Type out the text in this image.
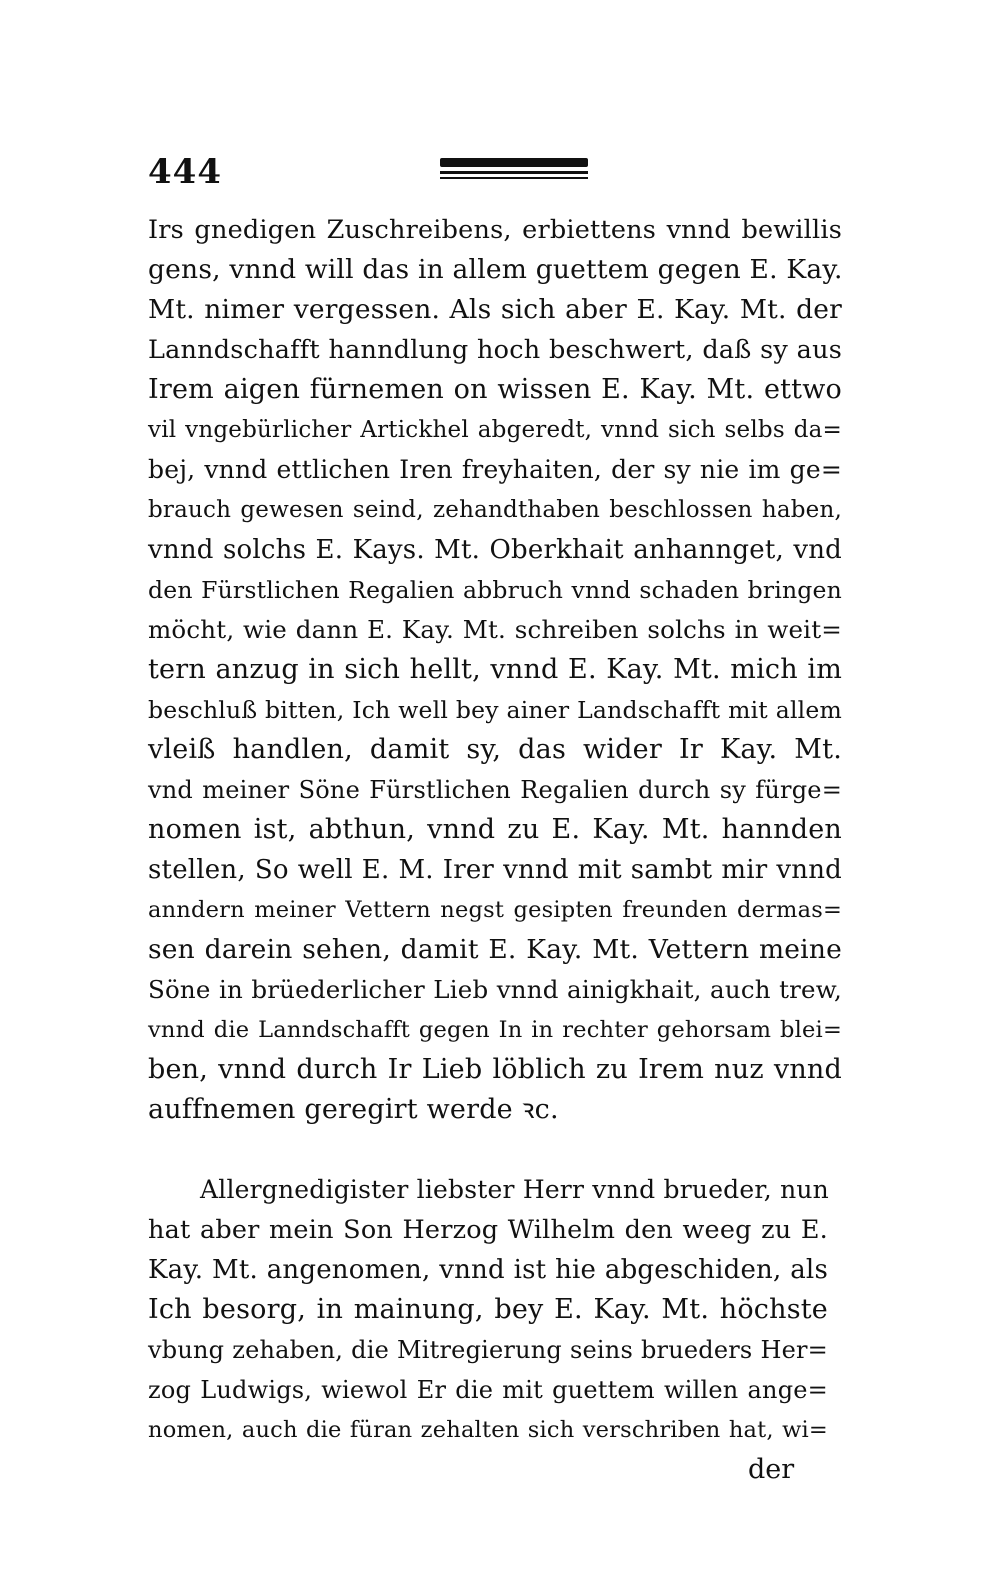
444
Irs gnedigen Zuschreibens, erbiettens vnnd bewillis
gens, vnnd will das in allem guettem gegen E. Kay.
Mt. nimer vergessen. Als sich aber E. Kay. Mt. der
Lanndschafft hanndlung hoch beschwert, daß sy aus
Irem aigen fürnemen on wissen E. Kay. Mt. ettwo
vil vngebürlicher Artickhel abgeredt, vnnd sich selbs da=
bej, vnnd ettlichen Iren freyhaiten, der sy nie im ge=
brauch gewesen seind, zehandthaben beschlossen haben,
vnnd solchs E. Kays. Mt. Oberkhait anhannget, vnd
den Fürstlichen Regalien abbruch vnnd schaden bringen
möcht, wie dann E. Kay. Mt. schreiben solchs in weit=
tern anzug in sich hellt, vnnd E. Kay. Mt. mich im
beschluß bitten, Ich well bey ainer Landschafft mit allem
vleiß handlen, damit sy, das wider Ir Kay. Mt.
vnd meiner Söne Fürstlichen Regalien durch sy fürge=
nomen ist, abthun, vnnd zu E. Kay. Mt. hannden
stellen, So well E. M. Irer vnnd mit sambt mir vnnd
anndern meiner Vettern negst gesipten freunden dermas=
sen darein sehen, damit E. Kay. Mt. Vettern meine
Söne in brüederlicher Lieb vnnd ainigkhait, auch trew,
vnnd die Lanndschafft gegen In in rechter gehorsam blei=
ben, vnnd durch Ir Lieb löblich zu Irem nuz vnnd
auffnemen geregirt werde ꝛc.
Allergnedigister liebster Herr vnnd brueder, nun
hat aber mein Son Herzog Wilhelm den weeg zu E.
Kay. Mt. angenomen, vnnd ist hie abgeschiden, als
Ich besorg, in mainung, bey E. Kay. Mt. höchste
vbung zehaben, die Mitregierung seins brueders Her=
zog Ludwigs, wiewol Er die mit guettem willen ange=
nomen, auch die füran zehalten sich verschriben hat, wi=
der
